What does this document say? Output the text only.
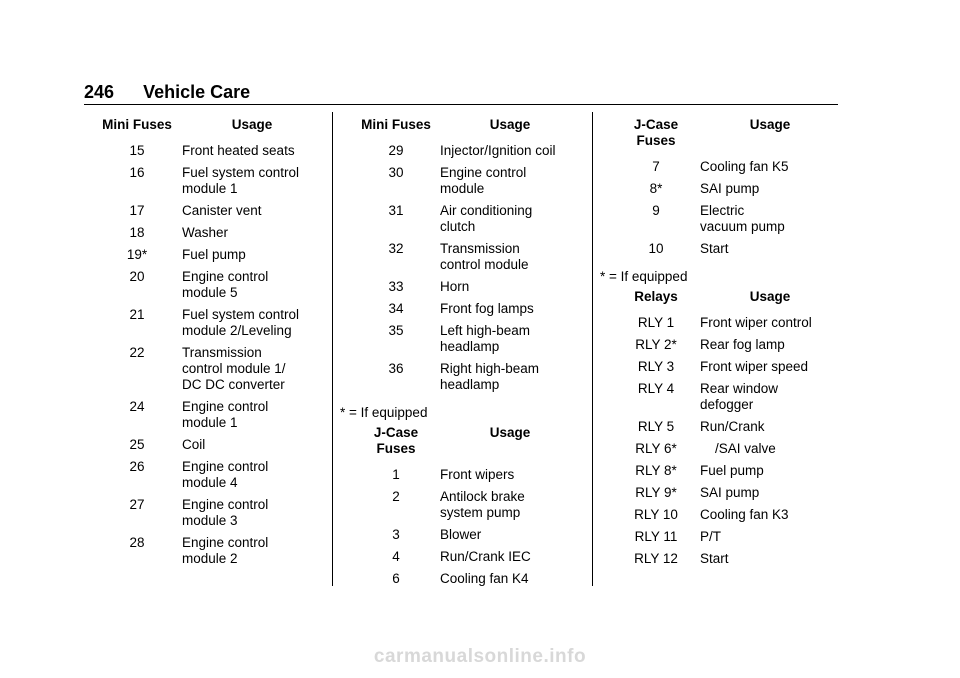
246 Vehicle Care
Mini Fuses	Usage
15	Front heated seats
16	Fuel system control
module 1
17	Canister vent
18	Washer
19*	Fuel pump
20	Engine control
module 5
21	Fuel system control
module 2/Leveling
22	Transmission
control module 1/
DC DC converter
24	Engine control
module 1
25	Coil
26	Engine control
module 4
27	Engine control
module 3
28	Engine control
module 2
Mini Fuses	Usage
29	Injector/Ignition coil
30	Engine control
module
31	Air conditioning
clutch
32	Transmission
control module
33	Horn
34	Front fog lamps
35	Left high-beam
headlamp
36	Right high-beam
headlamp
* = If equipped
J-Case
Fuses	Usage
1	Front wipers
2	Antilock brake
system pump
3	Blower
4	Run/Crank IEC
6	Cooling fan K4
J-Case
Fuses	Usage
7	Cooling fan K5
8*	SAI pump
9	Electric
vacuum pump
10	Start
* = If equipped
Relays	Usage
RLY 1	Front wiper control
RLY 2*	Rear fog lamp
RLY 3	Front wiper speed
RLY 4	Rear window
defogger
RLY 5	Run/Crank
RLY 6*	/SAI valve
RLY 8*	Fuel pump
RLY 9*	SAI pump
RLY 10	Cooling fan K3
RLY 11	P/T
RLY 12	Start
carmanualsonline.info
